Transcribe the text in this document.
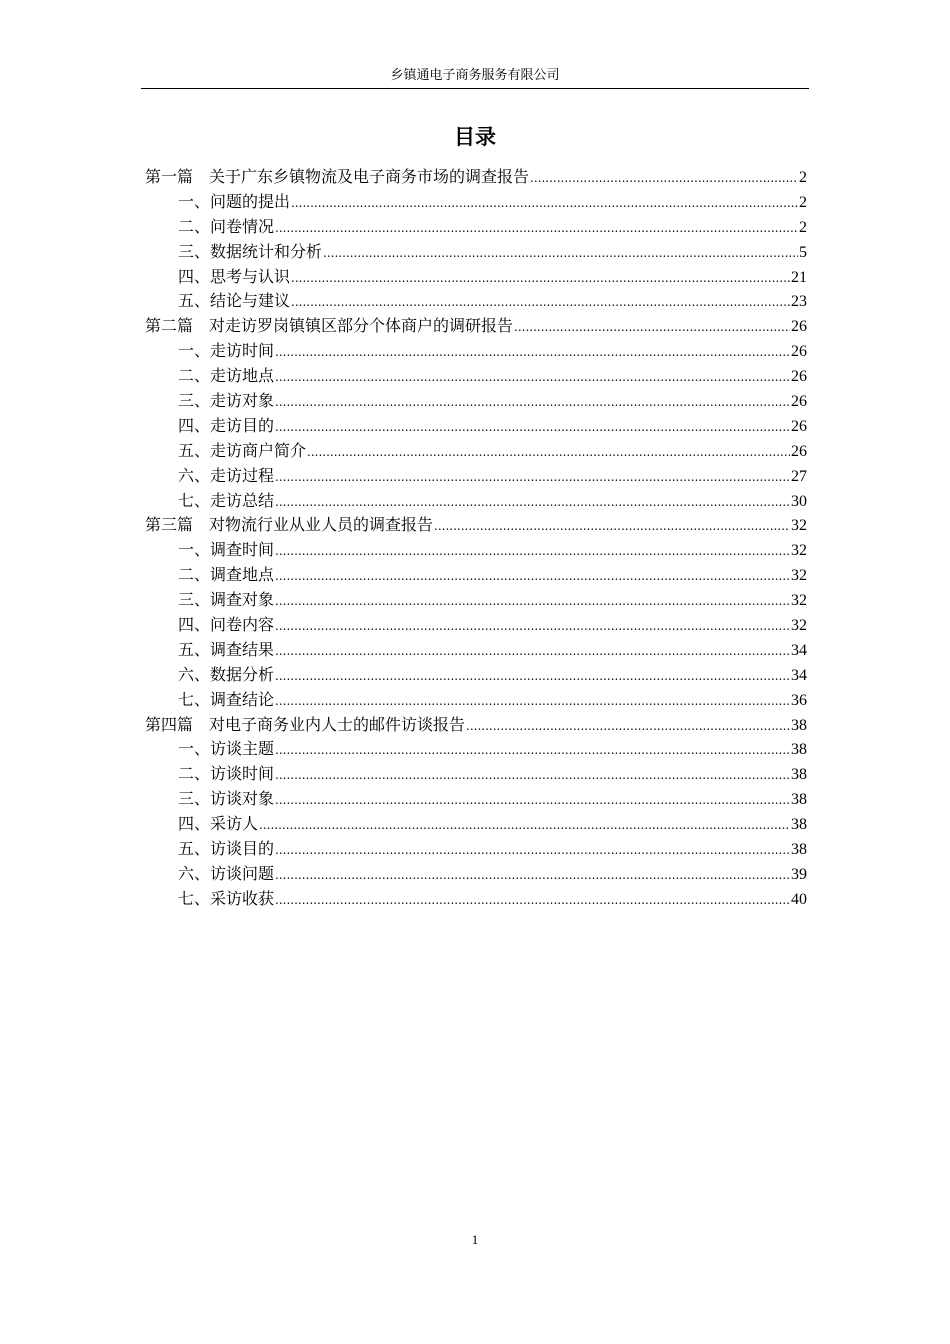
乡镇通电子商务服务有限公司
目录
第一篇 关于广东乡镇物流及电子商务市场的调查报告 .....	2
一、问题的提出 .....	2
二、问卷情况 .....	2
三、数据统计和分析 .....	5
四、思考与认识 .....	21
五、结论与建议 .....	23
第二篇 对走访罗岗镇镇区部分个体商户的调研报告 .....	26
一、走访时间 .....	26
二、走访地点 .....	26
三、走访对象 .....	26
四、走访目的 .....	26
五、走访商户简介 .....	26
六、走访过程 .....	27
七、走访总结 .....	30
第三篇 对物流行业从业人员的调查报告 .....	32
一、调查时间 .....	32
二、调查地点 .....	32
三、调查对象 .....	32
四、问卷内容 .....	32
五、调查结果 .....	34
六、数据分析 .....	34
七、调查结论 .....	36
第四篇 对电子商务业内人士的邮件访谈报告 .....	38
一、访谈主题 .....	38
二、访谈时间 .....	38
三、访谈对象 .....	38
四、采访人 .....	38
五、访谈目的 .....	38
六、访谈问题 .....	39
七、采访收获 .....	40
1
